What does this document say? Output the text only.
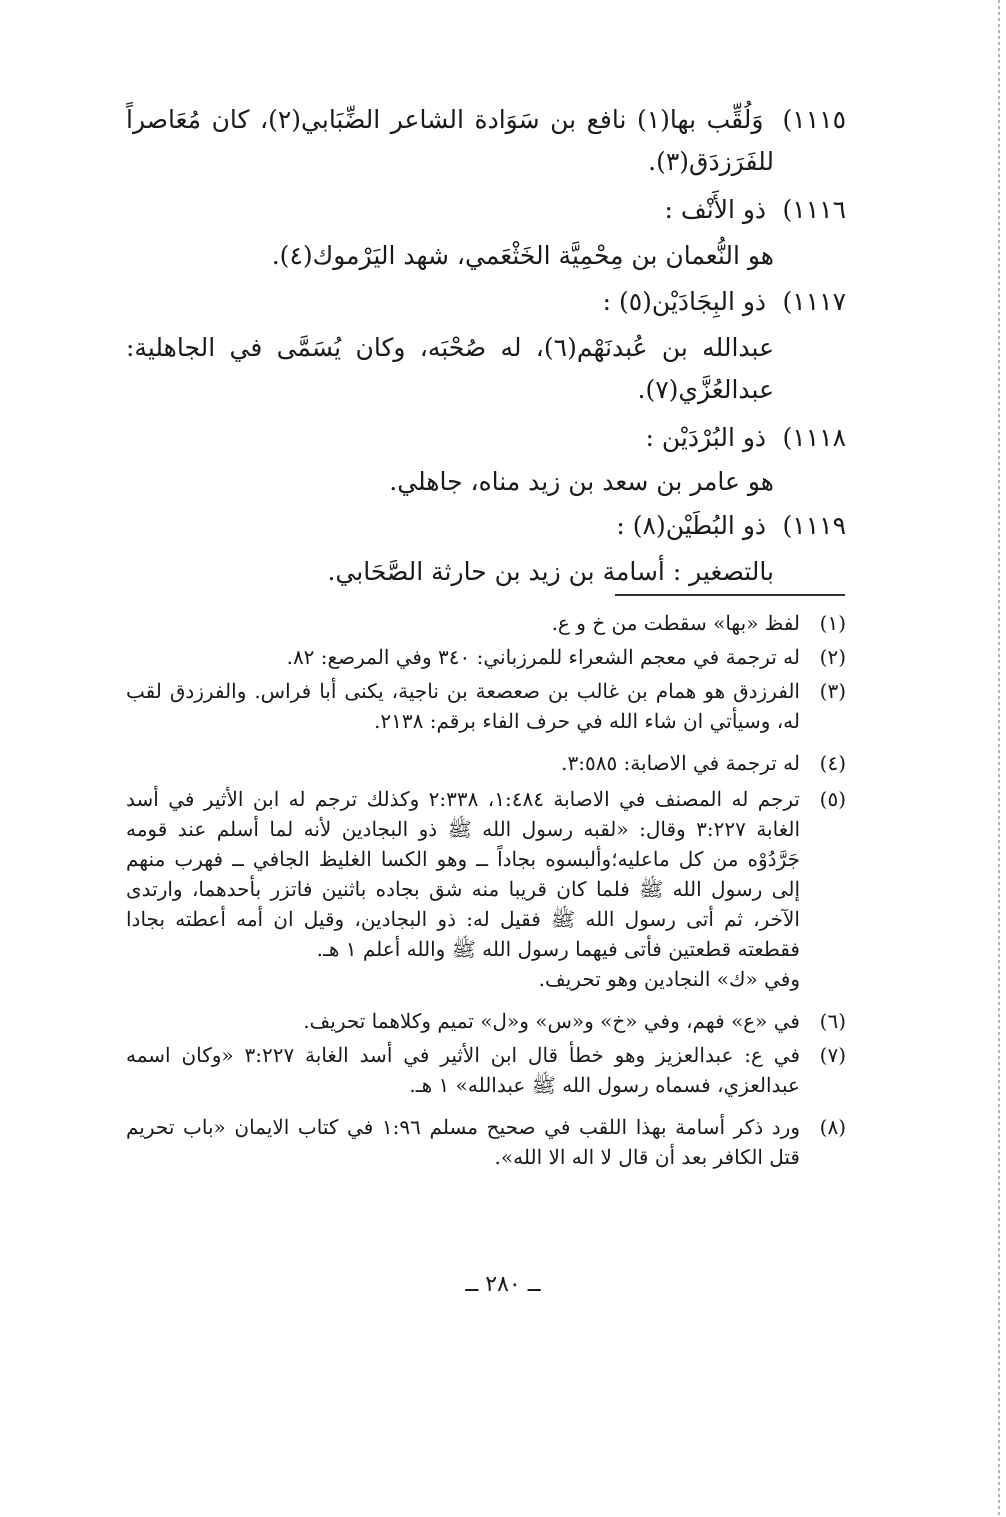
١١١٥) وَلُقِّب بها(١) نافع بن سَوَادة الشاعر الضِّبَابي(٢)، كان مُعَاصراً
للفَرَزدَق(٣).
١١١٦) ذو الأَنْف :
هو النُّعمان بن مِحْمِيَّة الخَثْعَمي، شهد اليَرْموك(٤).
١١١٧) ذو البِجَادَيْن(٥) :
عبدالله بن عُبدنَهْم(٦)، له صُحْبَه، وكان يُسَمَّى في الجاهلية:
عبدالعُزَّي(٧).
١١١٨) ذو البُرْدَيْن :
هو عامر بن سعد بن زيد مناه، جاهلي.
١١١٩) ذو البُطَيْن(٨) :
بالتصغير : أسامة بن زيد بن حارثة الصَّحَابي.
(١)
لفظ «بها» سقطت من خ و ع.
(٢)
له ترجمة في معجم الشعراء للمرزباني: ٣٤٠ وفي المرصع: ٨٢.
(٣)
الفرزدق هو همام بن غالب بن صعصعة بن ناجية، يكنى أبا فراس. والفرزدق لقب
له، وسيأتي ان شاء الله في حرف الفاء برقم: ٢١٣٨.
(٤)
له ترجمة في الاصابة: ٣:٥٨٥.
(٥)
ترجم له المصنف في الاصابة ١:٤٨٤، ٢:٣٣٨ وكذلك ترجم له ابن الأثير في أسد
الغابة ٣:٢٢٧ وقال: «لقبه رسول الله ﷺ ذو البجادين لأنه لما أسلم عند قومه
جَرَّدُوْه من كل ماعليه؛وألبسوه بجاداً ــ وهو الكسا الغليظ الجافي ــ فهرب منهم
إلى رسول الله ﷺ فلما كان قريبا منه شق بجاده باثنين فاتزر بأحدهما، وارتدى
الآخر، ثم أتى رسول الله ﷺ فقيل له: ذو البجادين، وقيل ان أمه أعطته بجادا
فقطعته قطعتين فأتى فيهما رسول الله ﷺ والله أعلم ١ هـ.
وفي «ك» النجادين وهو تحريف.
(٦)
في «ع» فهم، وفي «خ» و«س» و«ل» تميم وكلاهما تحريف.
(٧)
في ع: عبدالعزيز وهو خطأ قال ابن الأثير في أسد الغابة ٣:٢٢٧ «وكان اسمه
عبدالعزي، فسماه رسول الله ﷺ عبدالله» ١ هـ.
(٨)
ورد ذكر أسامة بهذا اللقب في صحيح مسلم ١:٩٦ في كتاب الايمان «باب تحريم
قتل الكافر بعد أن قال لا اله الا الله».
ــ ٢٨٠ ــ
